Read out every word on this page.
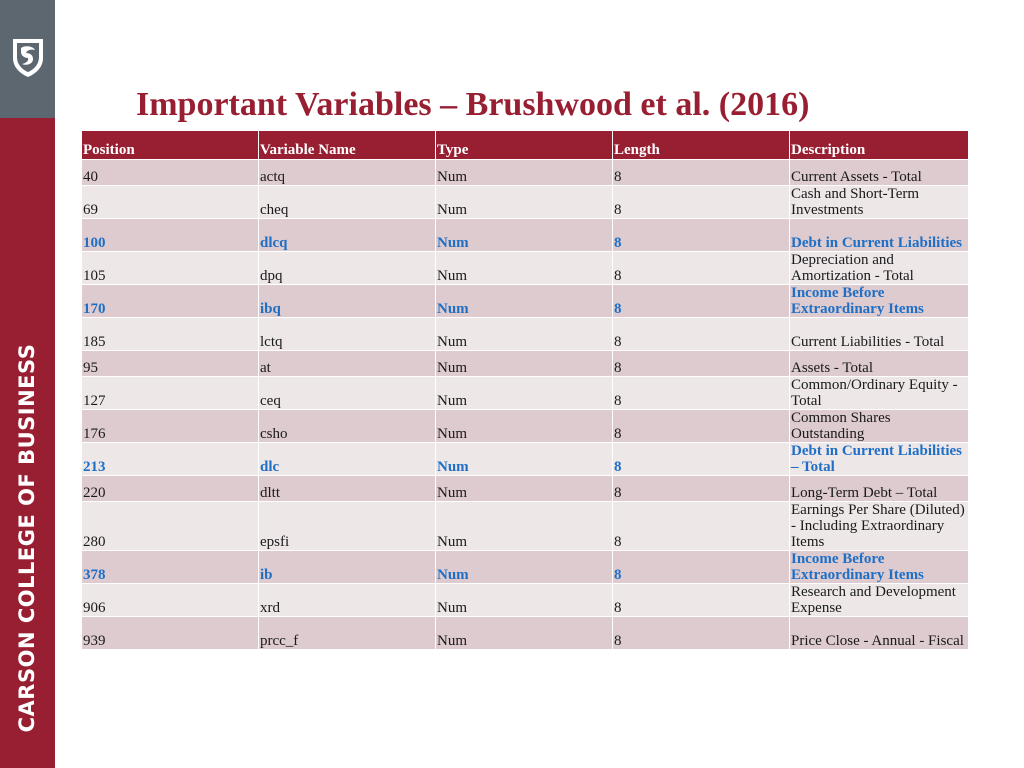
CARSON COLLEGE OF BUSINESS
Important Variables – Brushwood et al. (2016)
Position	Variable Name	Type	Length	Description
40	actq	Num	8	Current Assets - Total
69	cheq	Num	8	Cash and Short-Term Investments
100	dlcq	Num	8	Debt in Current Liabilities
105	dpq	Num	8	Depreciation and Amortization - Total
170	ibq	Num	8	Income Before Extraordinary Items
185	lctq	Num	8	Current Liabilities - Total
95	at	Num	8	Assets - Total
127	ceq	Num	8	Common/Ordinary Equity - Total
176	csho	Num	8	Common Shares Outstanding
213	dlc	Num	8	Debt in Current Liabilities – Total
220	dltt	Num	8	Long-Term Debt – Total
280	epsfi	Num	8	Earnings Per Share (Diluted) - Including Extraordinary Items
378	ib	Num	8	Income Before Extraordinary Items
906	xrd	Num	8	Research and Development Expense
939	prcc_f	Num	8	Price Close - Annual - Fiscal
